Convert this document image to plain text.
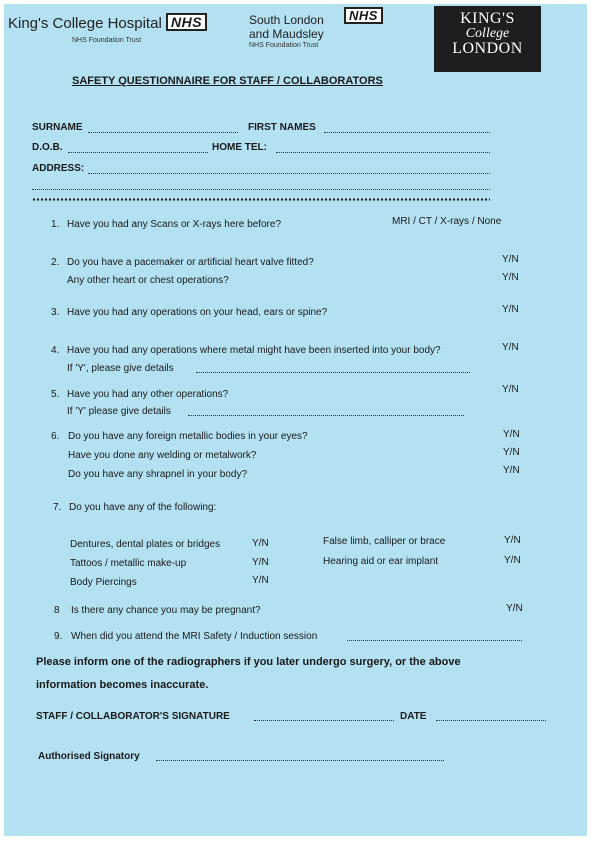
King's College Hospital NHS
NHS Foundation Trust
South London
and Maudsley
NHS
NHS Foundation Trust
KING'S
College
LONDON
SAFETY QUESTIONNAIRE FOR STAFF / COLLABORATORS
SURNAME	FIRST NAMES
D.O.B.	HOME TEL:
ADDRESS:
1. Have you had any Scans or X-rays here before?	MRI / CT / X-rays / None
2. Do you have a pacemaker or artificial heart valve fitted?	Y/N
Any other heart or chest operations?	Y/N
3. Have you had any operations on your head, ears or spine?	Y/N
4. Have you had any operations where metal might have been inserted into your body?	Y/N
If 'Y', please give details
5. Have you had any other operations?	Y/N
If 'Y' please give details
6. Do you have any foreign metallic bodies in your eyes?	Y/N
Have you done any welding or metalwork?	Y/N
Do you have any shrapnel in your body?	Y/N
7. Do you have any of the following:
Dentures, dental plates or bridges	Y/N	False limb, calliper or brace	Y/N
Tattoos / metallic make-up	Y/N	Hearing aid or ear implant	Y/N
Body Piercings	Y/N
8 Is there any chance you may be pregnant?	Y/N
9. When did you attend the MRI Safety / Induction session
Please inform one of the radiographers if you later undergo surgery, or the above
information becomes inaccurate.
STAFF / COLLABORATOR'S SIGNATURE	DATE
Authorised Signatory
